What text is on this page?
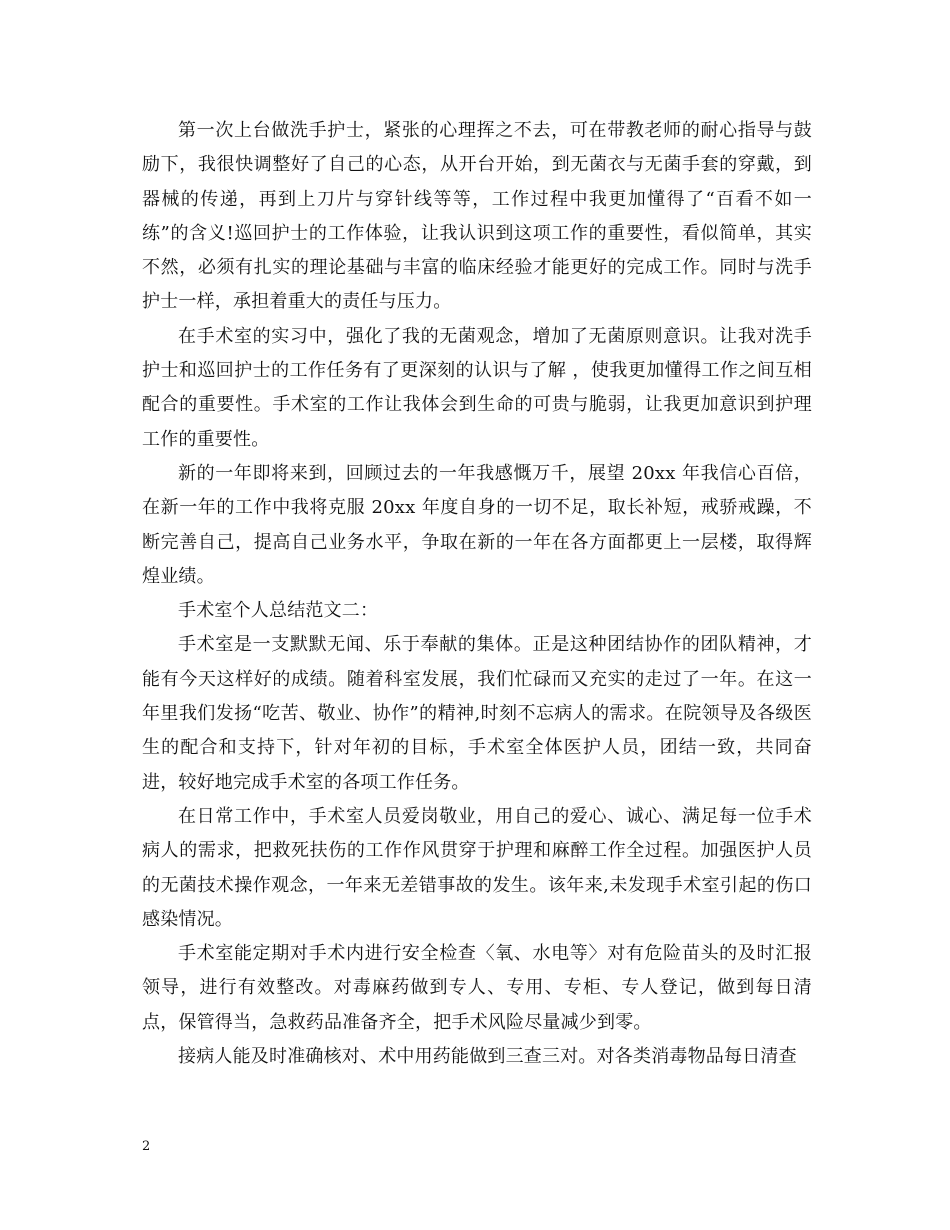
第一次上台做洗手护士，紧张的心理挥之不去，可在带教老师的耐心指导与鼓励下，我很快调整好了自己的心态，从开台开始，到无菌衣与无菌手套的穿戴，到器械的传递，再到上刀片与穿针线等等，工作过程中我更加懂得了“百看不如一练”的含义!巡回护士的工作体验，让我认识到这项工作的重要性，看似简单，其实不然，必须有扎实的理论基础与丰富的临床经验才能更好的完成工作。同时与洗手护士一样，承担着重大的责任与压力。

在手术室的实习中，强化了我的无菌观念，增加了无菌原则意识。让我对洗手护士和巡回护士的工作任务有了更深刻的认识与了解 ，使我更加懂得工作之间互相配合的重要性。手术室的工作让我体会到生命的可贵与脆弱，让我更加意识到护理工作的重要性。

新的一年即将来到，回顾过去的一年我感慨万千，展望 20xx 年我信心百倍，在新一年的工作中我将克服 20xx 年度自身的一切不足，取长补短，戒骄戒躁，不断完善自己，提高自己业务水平，争取在新的一年在各方面都更上一层楼，取得辉煌业绩。

手术室个人总结范文二：

手术室是一支默默无闻、乐于奉献的集体。正是这种团结协作的团队精神，才能有今天这样好的成绩。随着科室发展，我们忙碌而又充实的走过了一年。在这一年里我们发扬“吃苦、敬业、协作”的精神,时刻不忘病人的需求。在院领导及各级医生的配合和支持下，针对年初的目标，手术室全体医护人员，团结一致，共同奋进，较好地完成手术室的各项工作任务。

在日常工作中，手术室人员爱岗敬业，用自己的爱心、诚心、满足每一位手术病人的需求，把救死扶伤的工作作风贯穿于护理和麻醉工作全过程。加强医护人员的无菌技术操作观念，一年来无差错事故的发生。该年来,未发现手术室引起的伤口感染情况。

手术室能定期对手术内进行安全检查〈氧、水电等〉对有危险苗头的及时汇报领导，进行有效整改。对毒麻药做到专人、专用、专柜、专人登记，做到每日清点，保管得当，急救药品准备齐全，把手术风险尽量减少到零。

接病人能及时准确核对、术中用药能做到三查三对。对各类消毒物品每日清查

2
